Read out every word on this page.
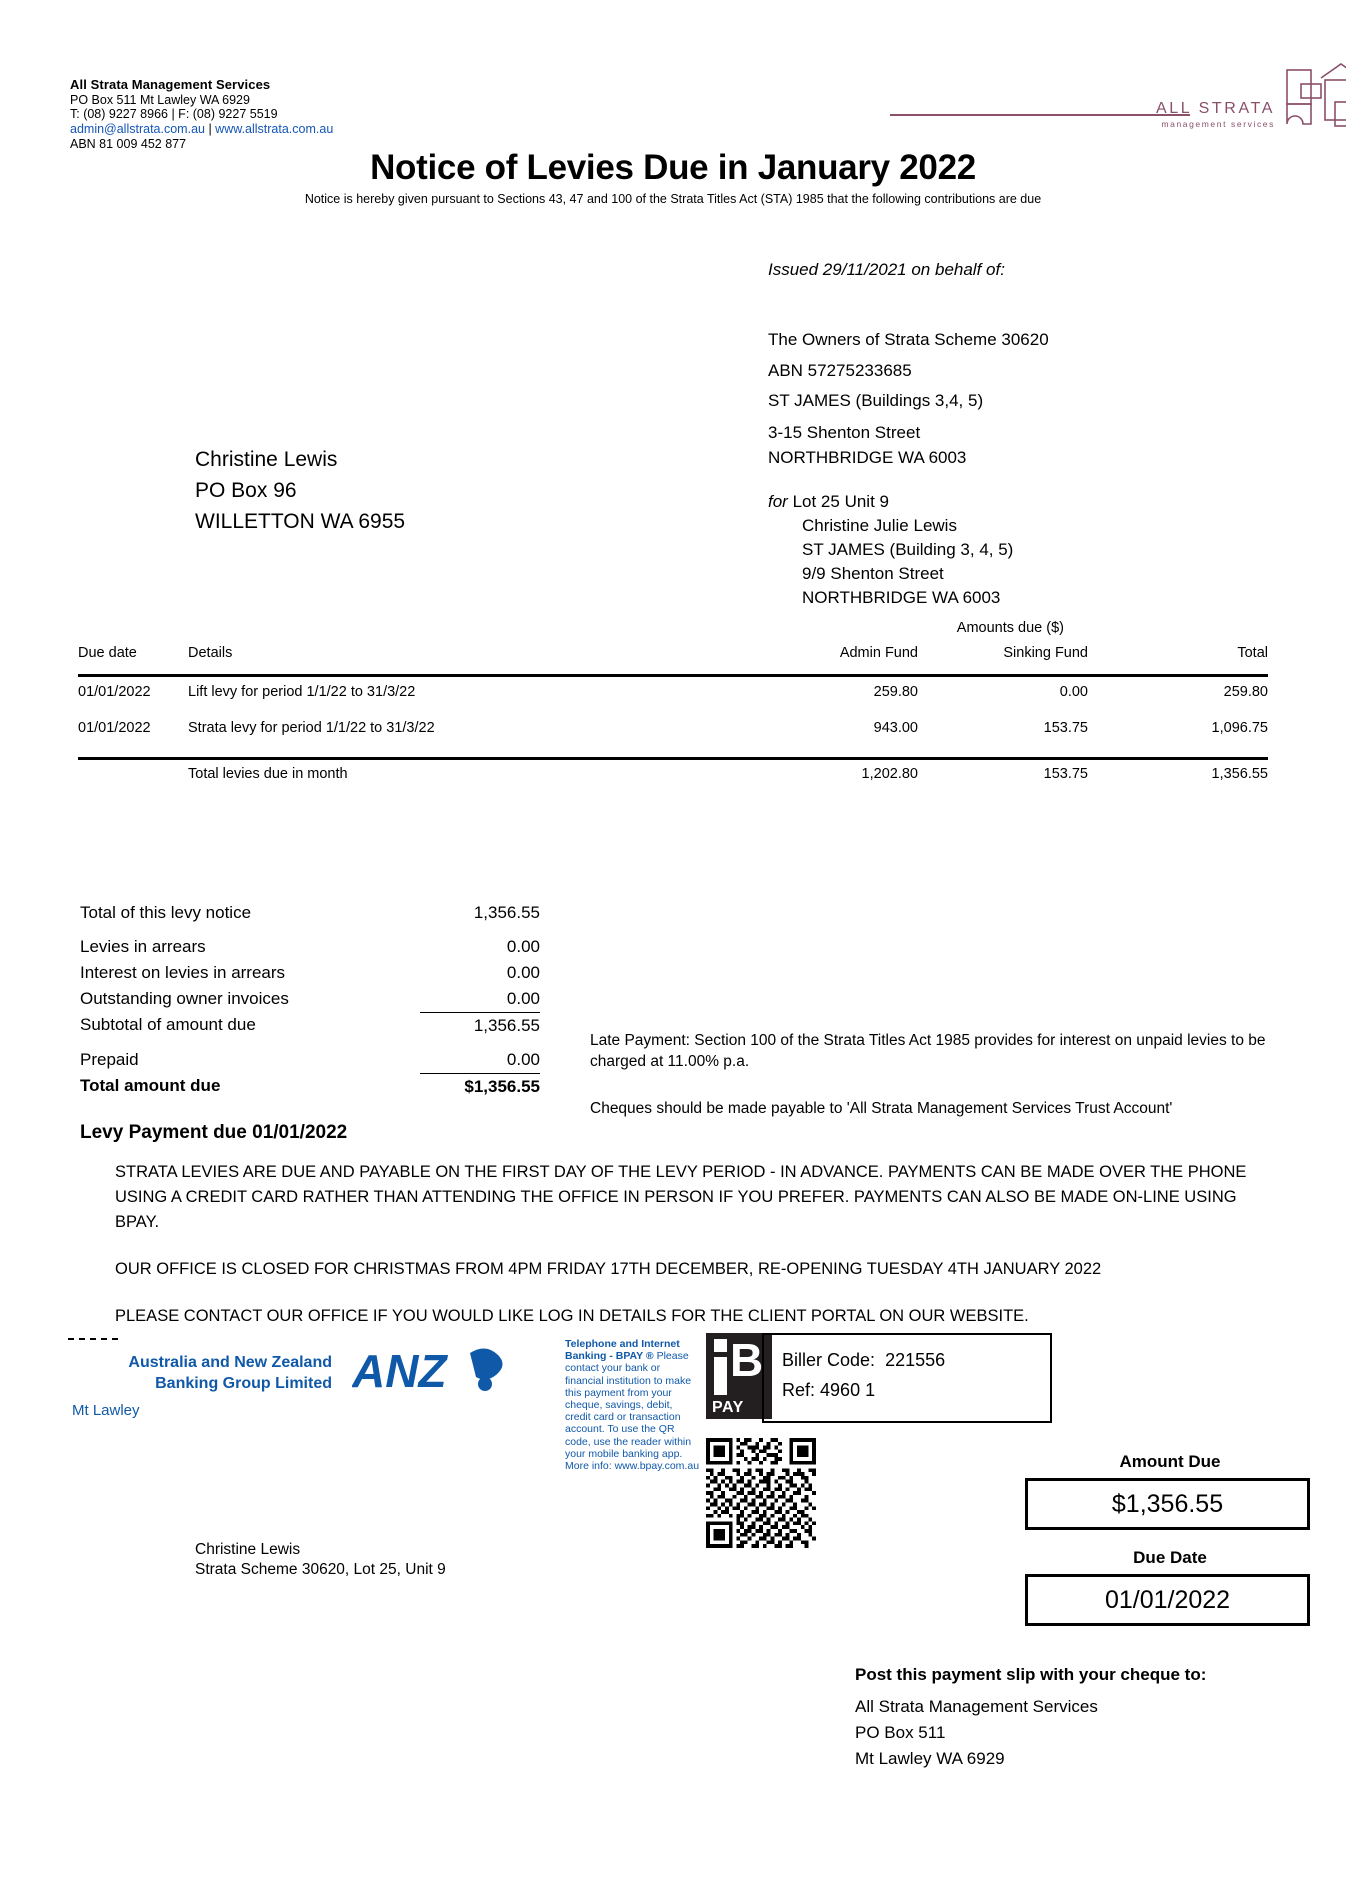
All Strata Management Services
PO Box 511 Mt Lawley WA 6929
T: (08) 9227 8966 | F: (08) 9227 5519
admin@allstrata.com.au | www.allstrata.com.au
ABN 81 009 452 877
ALL STRATA
management services
Notice of Levies Due in January 2022
Notice is hereby given pursuant to Sections 43, 47 and 100 of the Strata Titles Act (STA) 1985 that the following contributions are due
Issued 29/11/2021 on behalf of:
The Owners of Strata Scheme 30620
ABN 57275233685
ST JAMES (Buildings 3,4, 5)
3-15 Shenton Street
NORTHBRIDGE WA 6003
for Lot 25 Unit 9
Christine Julie Lewis
ST JAMES (Building 3, 4, 5)
9/9 Shenton Street
NORTHBRIDGE WA 6003
Christine Lewis
PO Box 96
WILLETTON WA 6955
Amounts due ($)
Due date	Details	Admin Fund	Sinking Fund	Total
01/01/2022	Lift levy for period 1/1/22 to 31/3/22	259.80	0.00	259.80
01/01/2022	Strata levy for period 1/1/22 to 31/3/22	943.00	153.75	1,096.75
Total levies due in month	1,202.80	153.75	1,356.55
Total of this levy notice	1,356.55
Levies in arrears	0.00
Interest on levies in arrears	0.00
Outstanding owner invoices	0.00
Subtotal of amount due	1,356.55
Prepaid	0.00
Total amount due	$1,356.55
Late Payment: Section 100 of the Strata Titles Act 1985 provides for interest on unpaid levies to be charged at 11.00% p.a.
Cheques should be made payable to 'All Strata Management Services Trust Account'
Levy Payment due 01/01/2022

STRATA LEVIES ARE DUE AND PAYABLE ON THE FIRST DAY OF THE LEVY PERIOD - IN ADVANCE. PAYMENTS CAN BE MADE OVER THE PHONE USING A CREDIT CARD RATHER THAN ATTENDING THE OFFICE IN PERSON IF YOU PREFER. PAYMENTS CAN ALSO BE MADE ON-LINE USING BPAY.

OUR OFFICE IS CLOSED FOR CHRISTMAS FROM 4PM FRIDAY 17TH DECEMBER, RE-OPENING TUESDAY 4TH JANUARY 2022

PLEASE CONTACT OUR OFFICE IF YOU WOULD LIKE LOG IN DETAILS FOR THE CLIENT PORTAL ON OUR WEBSITE.

Australia and New Zealand
Banking Group Limited
Mt Lawley
ANZ
Telephone and Internet Banking - BPAY ® Please contact your bank or financial institution to make this payment from your cheque, savings, debit, credit card or transaction account. To use the QR code, use the reader within your mobile banking app. More info: www.bpay.com.au
B
PAY
Biller Code: 221556
Ref: 4960 1
Amount Due
$1,356.55
Due Date
01/01/2022
Christine Lewis
Strata Scheme 30620, Lot 25, Unit 9
Post this payment slip with your cheque to:
All Strata Management Services
PO Box 511
Mt Lawley WA 6929
